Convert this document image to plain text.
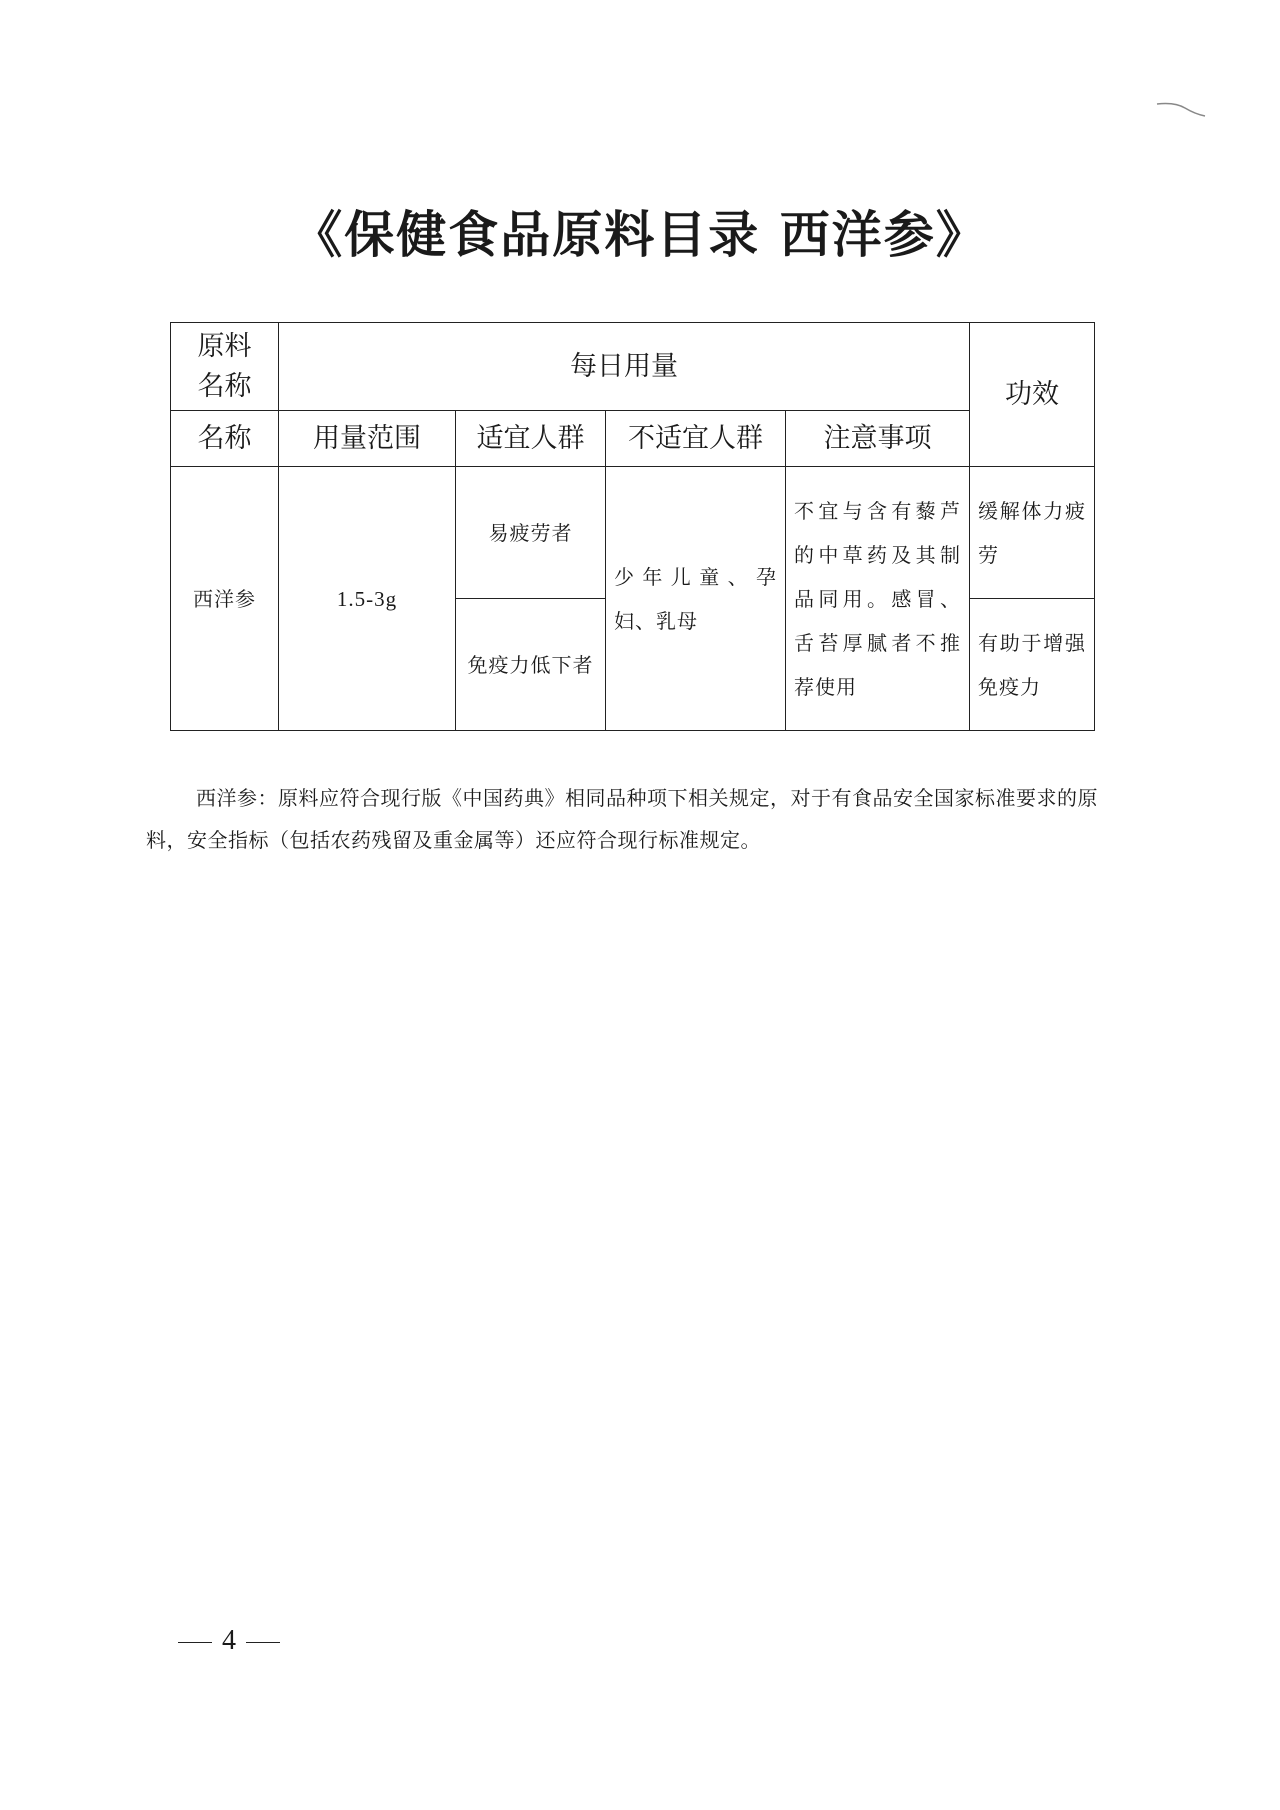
《保健食品原料目录 西洋参》
原料名称	每日用量				功效
名称	用量范围	适宜人群	不适宜人群	注意事项	
西洋参	1.5-3g	易疲劳者	少年儿童、孕妇、乳母	不宜与含有藜芦的中草药及其制品同用。感冒、舌苔厚腻者不推荐使用	缓解体力疲劳
		免疫力低下者			有助于增强免疫力
西洋参：原料应符合现行版《中国药典》相同品种项下相关规定，对于有食品安全国家标准要求的原料，安全指标（包括农药残留及重金属等）还应符合现行标准规定。
4
